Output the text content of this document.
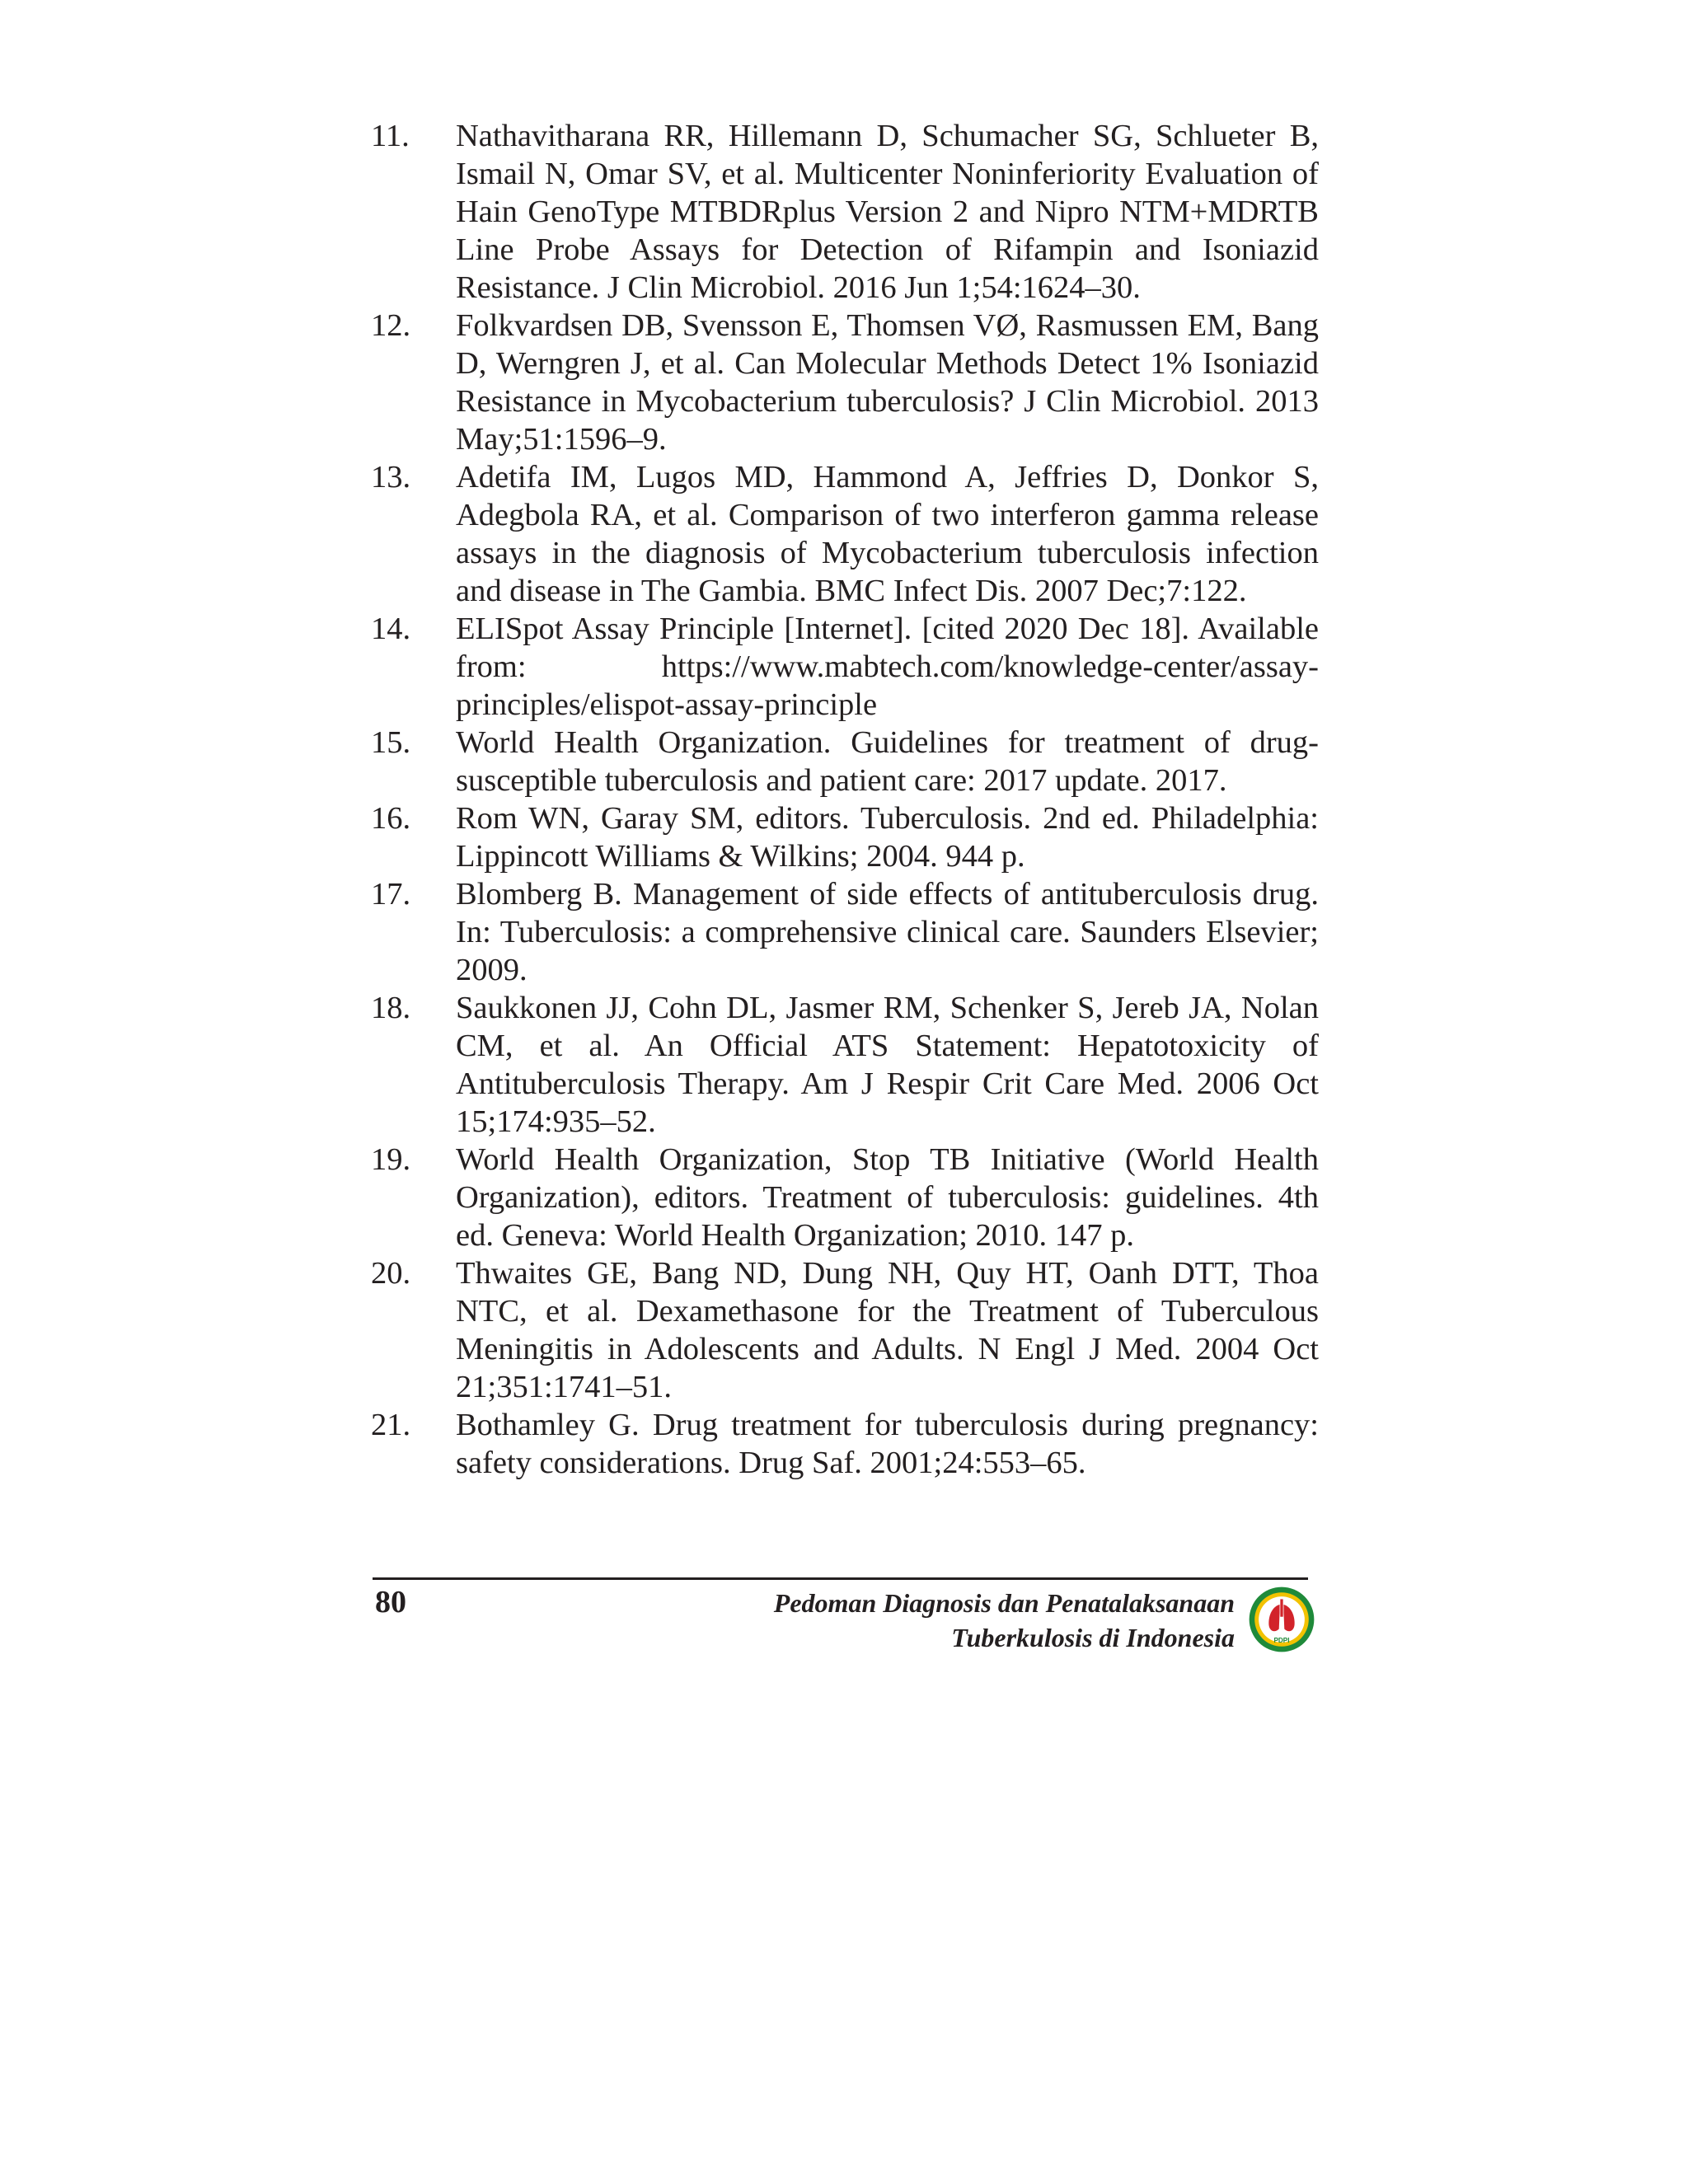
11. Nathavitharana RR, Hillemann D, Schumacher SG, Schlueter B, Ismail N, Omar SV, et al. Multicenter Noninferiority Evaluation of Hain GenoType MTBDRplus Version 2 and Nipro NTM+MDRTB Line Probe Assays for Detection of Rifampin and Isoniazid Resistance. J Clin Microbiol. 2016 Jun 1;54:1624–30.
12. Folkvardsen DB, Svensson E, Thomsen VØ, Rasmussen EM, Bang D, Werngren J, et al. Can Molecular Methods Detect 1% Isoniazid Resistance in Mycobacterium tuberculosis? J Clin Microbiol. 2013 May;51:1596–9.
13. Adetifa IM, Lugos MD, Hammond A, Jeffries D, Donkor S, Adegbola RA, et al. Comparison of two interferon gamma release assays in the diagnosis of Mycobacterium tuberculosis infection and disease in The Gambia. BMC Infect Dis. 2007 Dec;7:122.
14. ELISpot Assay Principle [Internet]. [cited 2020 Dec 18]. Available from: https://www.mabtech.com/knowledge-center/assay-principles/elispot-assay-principle
15. World Health Organization. Guidelines for treatment of drug-susceptible tuberculosis and patient care: 2017 update. 2017.
16. Rom WN, Garay SM, editors. Tuberculosis. 2nd ed. Philadelphia: Lippincott Williams & Wilkins; 2004. 944 p.
17. Blomberg B. Management of side effects of antituberculosis drug. In: Tuberculosis: a comprehensive clinical care. Saunders Elsevier; 2009.
18. Saukkonen JJ, Cohn DL, Jasmer RM, Schenker S, Jereb JA, Nolan CM, et al. An Official ATS Statement: Hepatotoxicity of Antituberculosis Therapy. Am J Respir Crit Care Med. 2006 Oct 15;174:935–52.
19. World Health Organization, Stop TB Initiative (World Health Organization), editors. Treatment of tuberculosis: guidelines. 4th ed. Geneva: World Health Organization; 2010. 147 p.
20. Thwaites GE, Bang ND, Dung NH, Quy HT, Oanh DTT, Thoa NTC, et al. Dexamethasone for the Treatment of Tuberculous Meningitis in Adolescents and Adults. N Engl J Med. 2004 Oct 21;351:1741–51.
21. Bothamley G. Drug treatment for tuberculosis during pregnancy: safety considerations. Drug Saf. 2001;24:553–65.
80	Pedoman Diagnosis dan Penatalaksanaan
Tuberkulosis di Indonesia	PDPI
